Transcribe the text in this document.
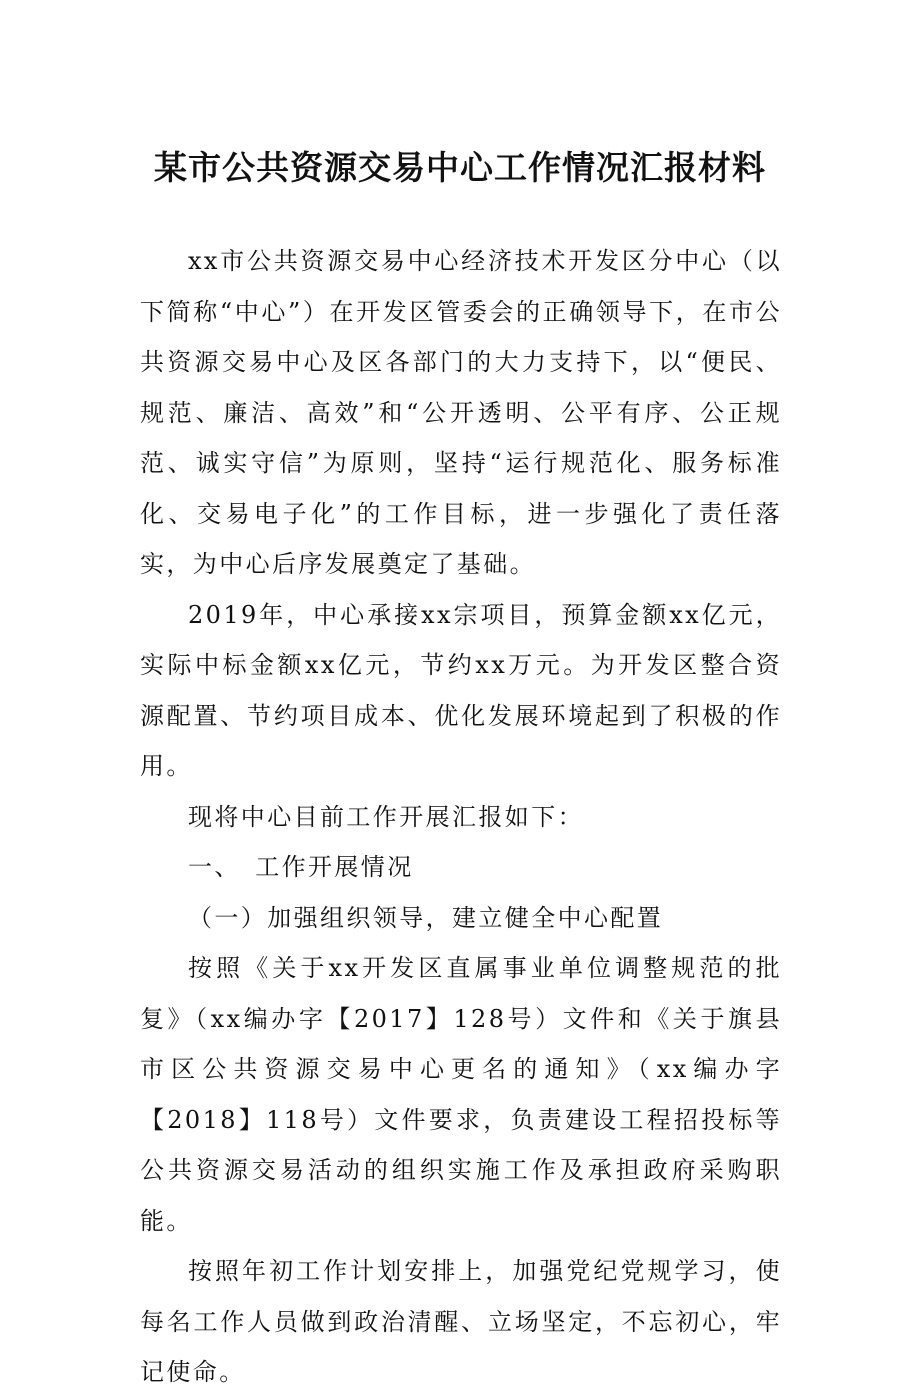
某市公共资源交易中心工作情况汇报材料

xx市公共资源交易中心经济技术开发区分中心（以下简称“中心”）在开发区管委会的正确领导下，在市公共资源交易中心及区各部门的大力支持下，以“便民、规范、廉洁、高效”和“公开透明、公平有序、公正规范、诚实守信”为原则，坚持“运行规范化、服务标准化、交易电子化”的工作目标，进一步强化了责任落实，为中心后序发展奠定了基础。

2019年，中心承接xx宗项目，预算金额xx亿元，实际中标金额xx亿元，节约xx万元。为开发区整合资源配置、节约项目成本、优化发展环境起到了积极的作用。

现将中心目前工作开展汇报如下：

一、　工作开展情况

（一）加强组织领导，建立健全中心配置

按照《关于xx开发区直属事业单位调整规范的批复》（xx编办字【2017】128号）文件和《关于旗县市区公共资源交易中心更名的通知》（xx编办字【2018】118号）文件要求，负责建设工程招投标等公共资源交易活动的组织实施工作及承担政府采购职能。

按照年初工作计划安排上，加强党纪党规学习，使每名工作人员做到政治清醒、立场坚定，不忘初心，牢记使命。
